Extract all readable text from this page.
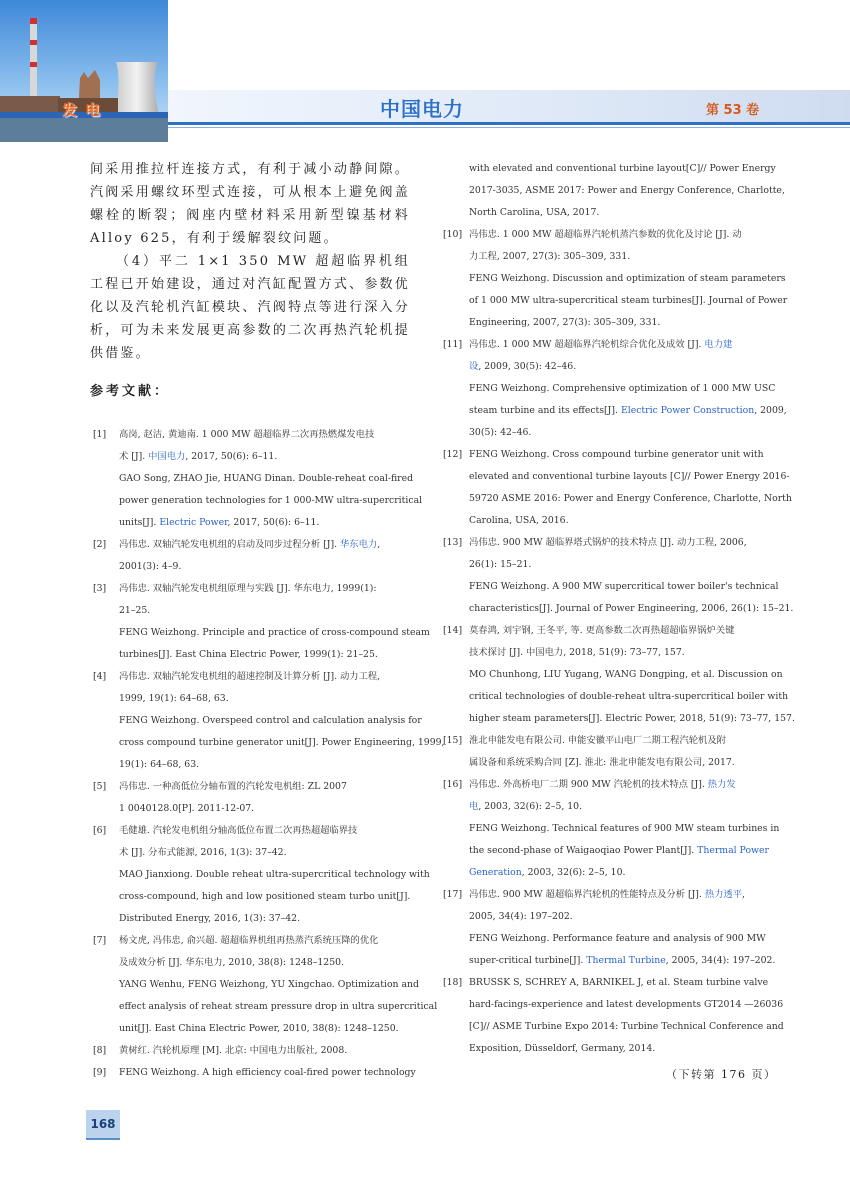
发电	中国电力	第 53 卷
间采用推拉杆连接方式，有利于减小动静间隙。汽阀采用螺纹环型式连接，可从根本上避免阀盖螺栓的断裂；阀座内壁材料采用新型镍基材料 Alloy 625，有利于缓解裂纹问题。
（4）平二 1×1 350 MW 超超临界机组工程已开始建设，通过对汽缸配置方式、参数优化以及汽轮机汽缸模块、汽阀特点等进行深入分析，可为未来发展更高参数的二次再热汽轮机提供借鉴。
参考文献：
[1] 高岗, 赵洁, 黄迪南. 1 000 MW 超超临界二次再热燃煤发电技
术 [J]. 中国电力, 2017, 50(6): 6–11.
GAO Song, ZHAO Jie, HUANG Dinan. Double-reheat coal-fired
power generation technologies for 1 000-MW ultra-supercritical
units[J]. Electric Power, 2017, 50(6): 6–11.
[2] 冯伟忠. 双轴汽轮发电机组的启动及同步过程分析 [J]. 华东电力,
2001(3): 4–9.
[3] 冯伟忠. 双轴汽轮发电机组原理与实践 [J]. 华东电力, 1999(1):
21–25.
FENG Weizhong. Principle and practice of cross-compound steam
turbines[J]. East China Electric Power, 1999(1): 21–25.
[4] 冯伟忠. 双轴汽轮发电机组的超速控制及计算分析 [J]. 动力工程,
1999, 19(1): 64–68, 63.
FENG Weizhong. Overspeed control and calculation analysis for
cross compound turbine generator unit[J]. Power Engineering, 1999,
19(1): 64–68, 63.
[5] 冯伟忠. 一种高低位分轴布置的汽轮发电机组: ZL 2007
1 0040128.0[P]. 2011-12-07.
[6] 毛健雄. 汽轮发电机组分轴高低位布置二次再热超超临界技
术 [J]. 分布式能源, 2016, 1(3): 37–42.
MAO Jianxiong. Double reheat ultra-supercritical technology with
cross-compound, high and low positioned steam turbo unit[J].
Distributed Energy, 2016, 1(3): 37–42.
[7] 杨文虎, 冯伟忠, 俞兴超. 超超临界机组再热蒸汽系统压降的优化
及成效分析 [J]. 华东电力, 2010, 38(8): 1248–1250.
YANG Wenhu, FENG Weizhong, YU Xingchao. Optimization and
effect analysis of reheat stream pressure drop in ultra supercritical
unit[J]. East China Electric Power, 2010, 38(8): 1248–1250.
[8] 黄树红. 汽轮机原理 [M]. 北京: 中国电力出版社, 2008.
[9] FENG Weizhong. A high efficiency coal-fired power technology
with elevated and conventional turbine layout[C]// Power Energy
2017-3035, ASME 2017: Power and Energy Conference, Charlotte,
North Carolina, USA, 2017.
[10] 冯伟忠. 1 000 MW 超超临界汽轮机蒸汽参数的优化及讨论 [J]. 动
力工程, 2007, 27(3): 305–309, 331.
FENG Weizhong. Discussion and optimization of steam parameters
of 1 000 MW ultra-supercritical steam turbines[J]. Journal of Power
Engineering, 2007, 27(3): 305–309, 331.
[11] 冯伟忠. 1 000 MW 超超临界汽轮机综合优化及成效 [J]. 电力建
设, 2009, 30(5): 42–46.
FENG Weizhong. Comprehensive optimization of 1 000 MW USC
steam turbine and its effects[J]. Electric Power Construction, 2009,
30(5): 42–46.
[12] FENG Weizhong. Cross compound turbine generator unit with
elevated and conventional turbine layouts [C]// Power Energy 2016-
59720 ASME 2016: Power and Energy Conference, Charlotte, North
Carolina, USA, 2016.
[13] 冯伟忠. 900 MW 超临界塔式锅炉的技术特点 [J]. 动力工程, 2006,
26(1): 15–21.
FENG Weizhong. A 900 MW supercritical tower boiler's technical
characteristics[J]. Journal of Power Engineering, 2006, 26(1): 15–21.
[14] 莫春鸿, 刘宇钢, 王冬平, 等. 更高参数二次再热超超临界锅炉关键
技术探讨 [J]. 中国电力, 2018, 51(9): 73–77, 157.
MO Chunhong, LIU Yugang, WANG Dongping, et al. Discussion on
critical technologies of double-reheat ultra-supercritical boiler with
higher steam parameters[J]. Electric Power, 2018, 51(9): 73–77, 157.
[15] 淮北申能发电有限公司. 申能安徽平山电厂二期工程汽轮机及附
属设备和系统采购合同 [Z]. 淮北: 淮北申能发电有限公司, 2017.
[16] 冯伟忠. 外高桥电厂二期 900 MW 汽轮机的技术特点 [J]. 热力发
电, 2003, 32(6): 2–5, 10.
FENG Weizhong. Technical features of 900 MW steam turbines in
the second-phase of Waigaoqiao Power Plant[J]. Thermal Power
Generation, 2003, 32(6): 2–5, 10.
[17] 冯伟忠. 900 MW 超超临界汽轮机的性能特点及分析 [J]. 热力透平,
2005, 34(4): 197–202.
FENG Weizhong. Performance feature and analysis of 900 MW
super-critical turbine[J]. Thermal Turbine, 2005, 34(4): 197–202.
[18] BRUSSK S, SCHREY A, BARNIKEL J, et al. Steam turbine valve
hard-facings-experience and latest developments GT2014 —26036
[C]// ASME Turbine Expo 2014: Turbine Technical Conference and
Exposition, Düsseldorf, Germany, 2014.
（下转第 176 页）
168
